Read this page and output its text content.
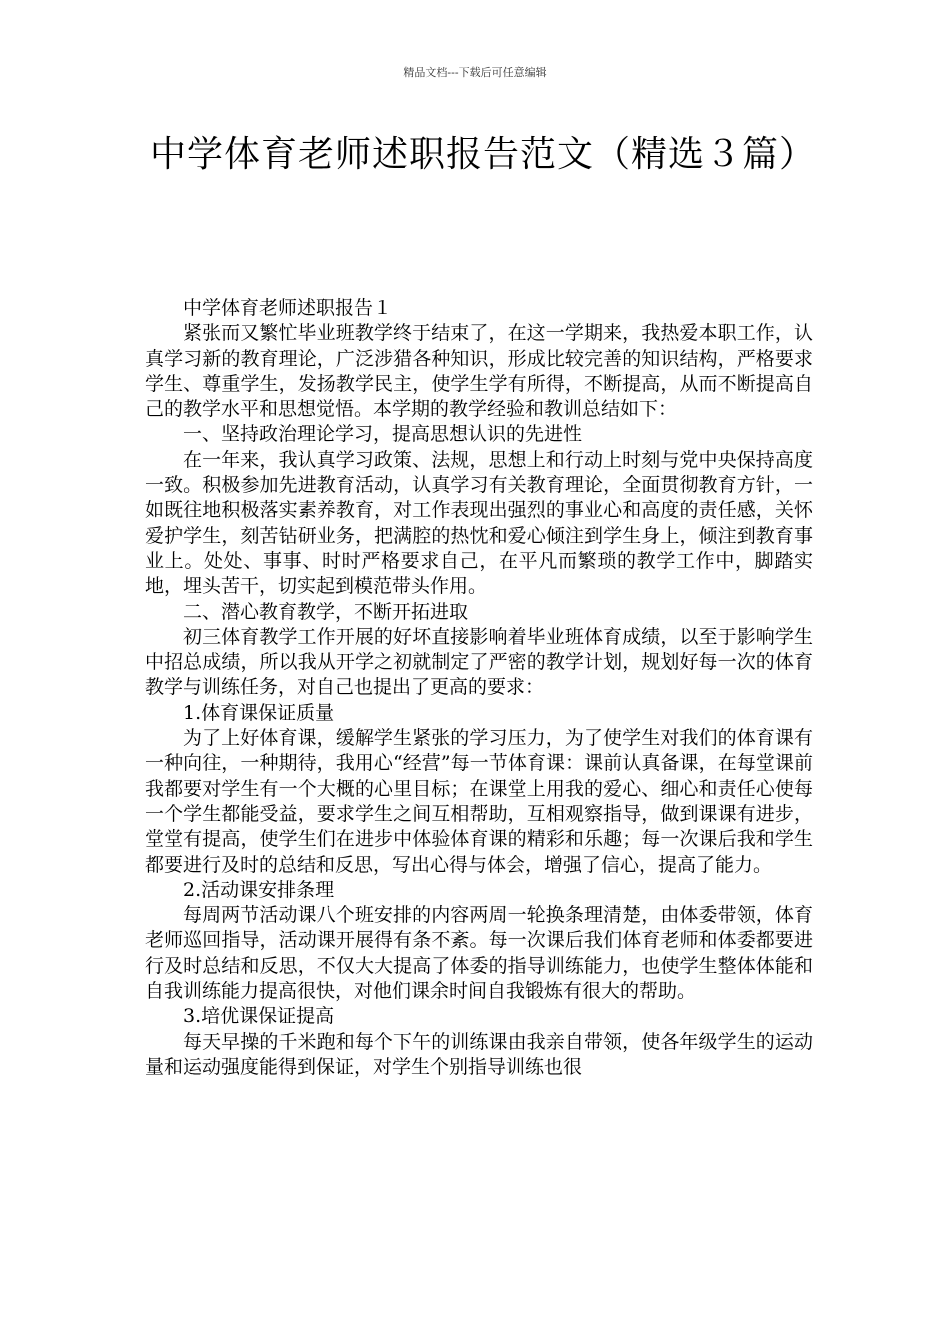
精品文档---下载后可任意编辑
中学体育老师述职报告范文（精选３篇）

中学体育老师述职报告１

紧张而又繁忙毕业班教学终于结束了，在这一学期来，我热爱本职工作，认真学习新的教育理论，广泛涉猎各种知识，形成比较完善的知识结构，严格要求学生、尊重学生，发扬教学民主，使学生学有所得，不断提高，从而不断提高自己的教学水平和思想觉悟。本学期的教学经验和教训总结如下：

一、坚持政治理论学习，提高思想认识的先进性

在一年来，我认真学习政策、法规，思想上和行动上时刻与党中央保持高度一致。积极参加先进教育活动，认真学习有关教育理论，全面贯彻教育方针，一如既往地积极落实素养教育，对工作表现出强烈的事业心和高度的责任感，关怀爱护学生，刻苦钻研业务，把满腔的热忱和爱心倾注到学生身上，倾注到教育事业上。处处、事事、时时严格要求自己，在平凡而繁琐的教学工作中，脚踏实地，埋头苦干，切实起到模范带头作用。

二、潜心教育教学，不断开拓进取

初三体育教学工作开展的好坏直接影响着毕业班体育成绩，以至于影响学生中招总成绩，所以我从开学之初就制定了严密的教学计划，规划好每一次的体育教学与训练任务，对自己也提出了更高的要求：

1.体育课保证质量

为了上好体育课，缓解学生紧张的学习压力，为了使学生对我们的体育课有一种向往，一种期待，我用心“经营”每一节体育课：课前认真备课，在每堂课前我都要对学生有一个大概的心里目标；在课堂上用我的爱心、细心和责任心使每一个学生都能受益，要求学生之间互相帮助，互相观察指导，做到课课有进步，堂堂有提高，使学生们在进步中体验体育课的精彩和乐趣；每一次课后我和学生都要进行及时的总结和反思，写出心得与体会，增强了信心，提高了能力。

2.活动课安排条理

每周两节活动课八个班安排的内容两周一轮换条理清楚，由体委带领，体育老师巡回指导，活动课开展得有条不紊。每一次课后我们体育老师和体委都要进行及时总结和反思，不仅大大提高了体委的指导训练能力，也使学生整体体能和自我训练能力提高很快，对他们课余时间自我锻炼有很大的帮助。

3.培优课保证提高

每天早操的千米跑和每个下午的训练课由我亲自带领，使各年级学生的运动量和运动强度能得到保证，对学生个别指导训练也很
